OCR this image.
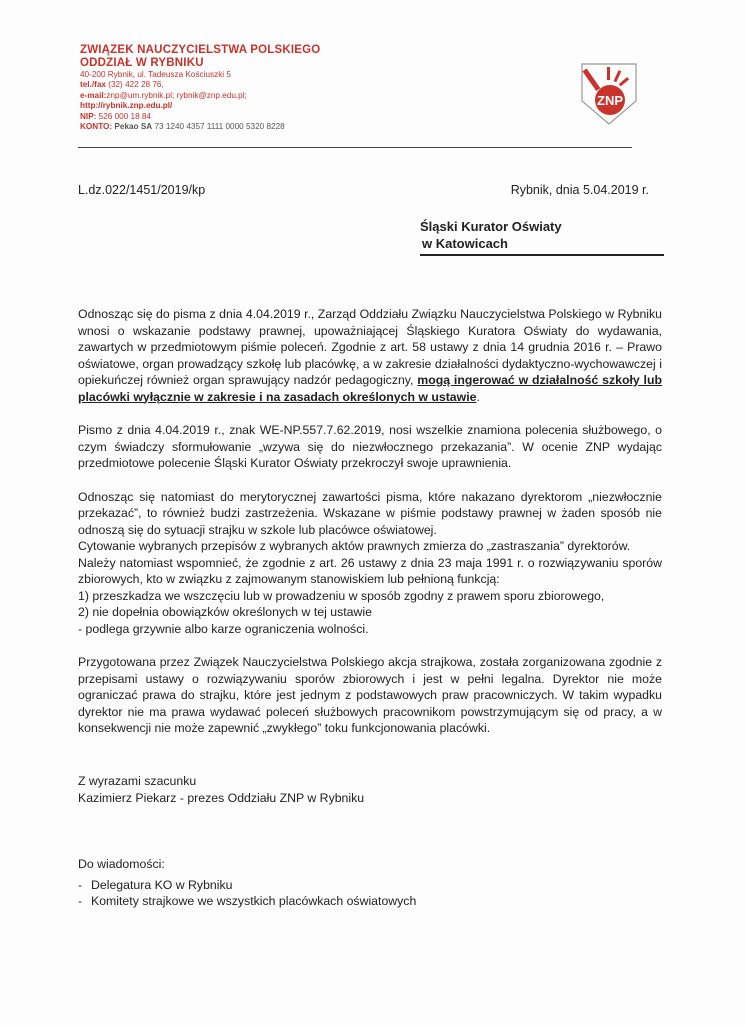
ZWIĄZEK NAUCZYCIELSTWA POLSKIEGO
ODDZIAŁ W RYBNIKU
40-200 Rybnik, ul. Tadeusza Kościuszki 5
tel./fax (32) 422 28 76,
e-mail:znp@um.rybnik.pl; rybnik@znp.edu.pl;
http://rybnik.znp.edu.pl/
NIP: 526 000 18 84
KONTO: Pekao SA 73 1240 4357 1111 0000 5320 8228
ZNP
L.dz.022/1451/2019/kp	Rybnik, dnia 5.04.2019 r.
Śląski Kurator Oświaty
w Katowicach

Odnosząc się do pisma z dnia 4.04.2019 r., Zarząd Oddziału Związku Nauczycielstwa Polskiego w Rybniku wnosi o wskazanie podstawy prawnej, upoważniającej Śląskiego Kuratora Oświaty do wydawania, zawartych w przedmiotowym piśmie poleceń. Zgodnie z art. 58 ustawy z dnia 14 grudnia 2016 r. – Prawo oświatowe, organ prowadzący szkołę lub placówkę, a w zakresie działalności dydaktyczno-wychowawczej i opiekuńczej również organ sprawujący nadzór pedagogiczny, mogą ingerować w działalność szkoły lub placówki wyłącznie w zakresie i na zasadach określonych w ustawie.

Pismo z dnia 4.04.2019 r., znak WE-NP.557.7.62.2019, nosi wszelkie znamiona polecenia służbowego, o czym świadczy sformułowanie „wzywa się do niezwłocznego przekazania”. W ocenie ZNP wydając przedmiotowe polecenie Śląski Kurator Oświaty przekroczył swoje uprawnienia.

Odnosząc się natomiast do merytorycznej zawartości pisma, które nakazano dyrektorom „niezwłocznie przekazać”, to również budzi zastrzeżenia. Wskazane w piśmie podstawy prawnej w żaden sposób nie odnoszą się do sytuacji strajku w szkole lub placówce oświatowej.

Cytowanie wybranych przepisów z wybranych aktów prawnych zmierza do „zastraszania” dyrektorów.

Należy natomiast wspomnieć, że zgodnie z art. 26 ustawy z dnia 23 maja 1991 r. o rozwiązywaniu sporów zbiorowych, kto w związku z zajmowanym stanowiskiem lub pełnioną funkcją:

1) przeszkadza we wszczęciu lub w prowadzeniu w sposób zgodny z prawem sporu zbiorowego,

2) nie dopełnia obowiązków określonych w tej ustawie

- podlega grzywnie albo karze ograniczenia wolności.

Przygotowana przez Związek Nauczycielstwa Polskiego akcja strajkowa, została zorganizowana zgodnie z przepisami ustawy o rozwiązywaniu sporów zbiorowych i jest w pełni legalna. Dyrektor nie może ograniczać prawa do strajku, które jest jednym z podstawowych praw pracowniczych. W takim wypadku dyrektor nie ma prawa wydawać poleceń służbowych pracownikom powstrzymującym się od pracy, a w konsekwencji nie może zapewnić „zwykłego” toku funkcjonowania placówki.

Z wyrazami szacunku
Kazimierz Piekarz - prezes Oddziału ZNP w Rybniku
Do wiadomości:
- Delegatura KO w Rybniku
- Komitety strajkowe we wszystkich placówkach oświatowych
